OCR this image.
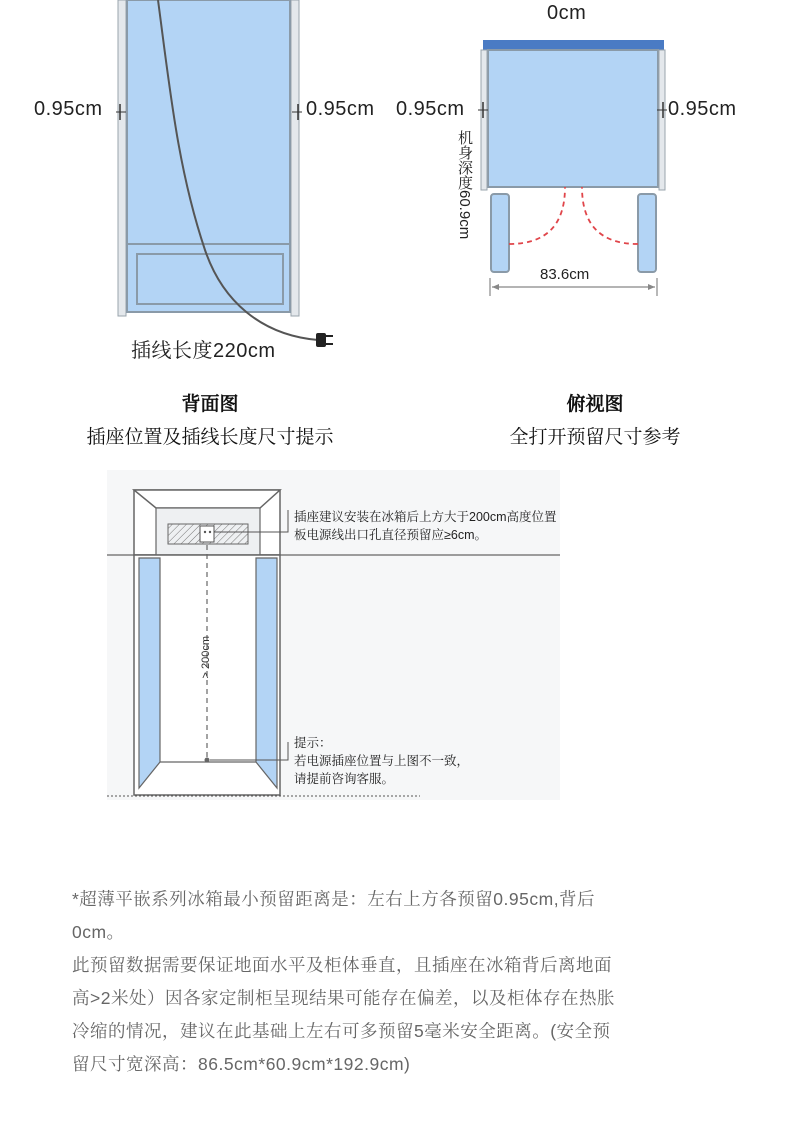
0.95cm	0.95cm
插线长度220cm
背面图
插座位置及插线长度尺寸提示
0cm
0.95cm	0.95cm
机身深度60.9cm
83.6cm
俯视图
全打开预留尺寸参考
插座建议安装在冰箱后上方大于200cm高度位置
板电源线出口孔直径预留应≥6cm。
> 200cm
提示：
若电源插座位置与上图不一致，
请提前咨询客服。
*超薄平嵌系列冰箱最小预留距离是：左右上方各预留0.95cm,背后
0cm。
此预留数据需要保证地面水平及柜体垂直，且插座在冰箱背后离地面
高>2米处）因各家定制柜呈现结果可能存在偏差，以及柜体存在热胀
冷缩的情况，建议在此基础上左右可多预留5毫米安全距离。(安全预
留尺寸宽深高：86.5cm*60.9cm*192.9cm)
